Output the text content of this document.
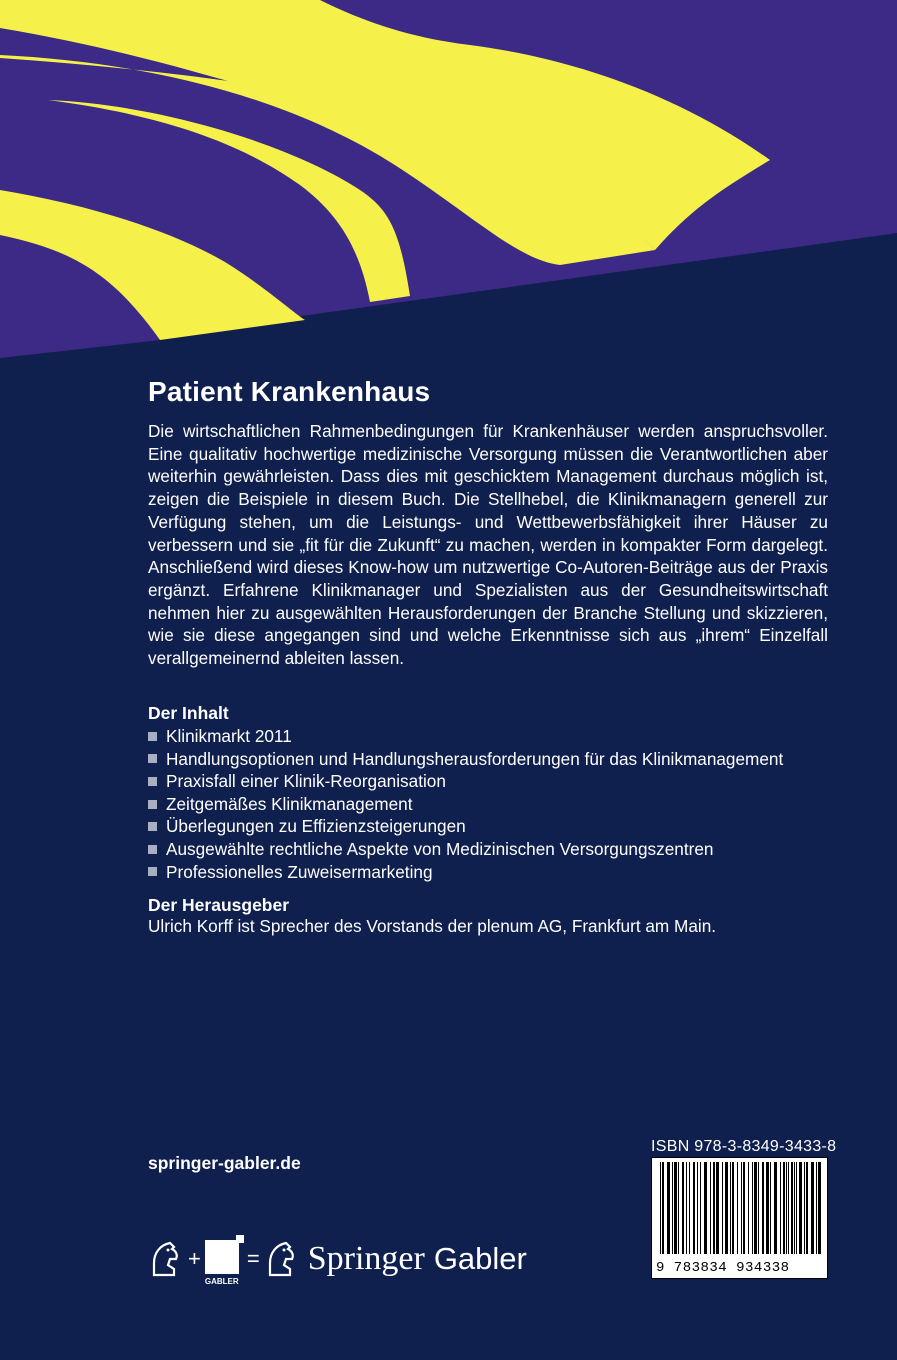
Patient Krankenhaus

Die wirtschaftlichen Rahmenbedingungen für Krankenhäuser werden anspruchsvoller. Eine qualitativ hochwertige medizinische Versorgung müssen die Verantwortlichen aber weiterhin gewährleisten. Dass dies mit geschicktem Management durchaus möglich ist, zeigen die Beispiele in diesem Buch. Die Stellhebel, die Klinikmanagern generell zur Verfügung stehen, um die Leistungs- und Wettbewerbsfähigkeit ihrer Häuser zu verbessern und sie „fit für die Zukunft“ zu machen, werden in kompakter Form dargelegt. Anschließend wird dieses Know-how um nutzwertige Co-Autoren-Beiträge aus der Praxis ergänzt. Erfahrene Klinikmanager und Spezialisten aus der Gesundheitswirtschaft nehmen hier zu ausgewählten Herausforderungen der Branche Stellung und skizzieren, wie sie diese angegangen sind und welche Erkenntnisse sich aus „ihrem“ Einzelfall verallgemeinernd ableiten lassen.

Der Inhalt
Klinikmarkt 2011
Handlungsoptionen und Handlungsherausforderungen für das Klinikmanagement
Praxisfall einer Klinik-Reorganisation
Zeitgemäßes Klinikmanagement
Überlegungen zu Effizienzsteigerungen
Ausgewählte rechtliche Aspekte von Medizinischen Versorgungszentren
Professionelles Zuweisermarketing
Der Herausgeber

Ulrich Korff ist Sprecher des Vorstands der plenum AG, Frankfurt am Main.

springer-gabler.de
ISBN 978-3-8349-3433-8
9 783834 934338
+
GABLER
= Springer Gabler
